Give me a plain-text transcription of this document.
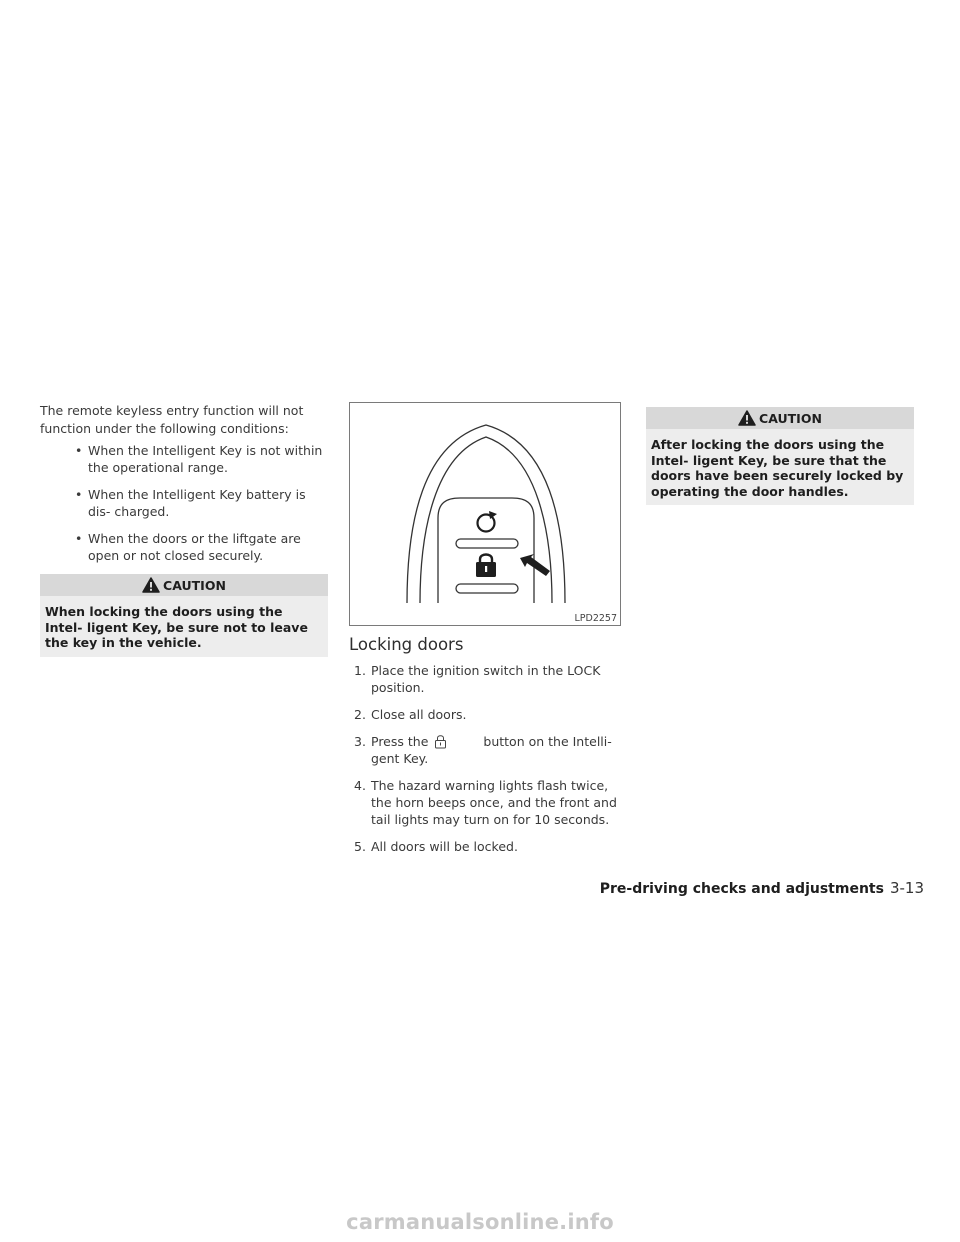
The remote keyless entry function will not function under the following conditions:

• When the Intelligent Key is not within the operational range.
• When the Intelligent Key battery is dis- charged.
• When the doors or the liftgate are open or not closed securely.
CAUTION
When locking the doors using the Intel- ligent Key, be sure not to leave the key in the vehicle.
LPD2257
Locking doors
1. Place the ignition switch in the LOCK position.
2. Close all doors.
3. Press the	button on the Intelli- gent Key.
4. The hazard warning lights flash twice, the horn beeps once, and the front and tail lights may turn on for 10 seconds.
5. All doors will be locked.
CAUTION
After locking the doors using the Intel- ligent Key, be sure that the doors have been securely locked by operating the door handles.
Pre-driving checks and adjustments 3-13
carmanualsonline.info
